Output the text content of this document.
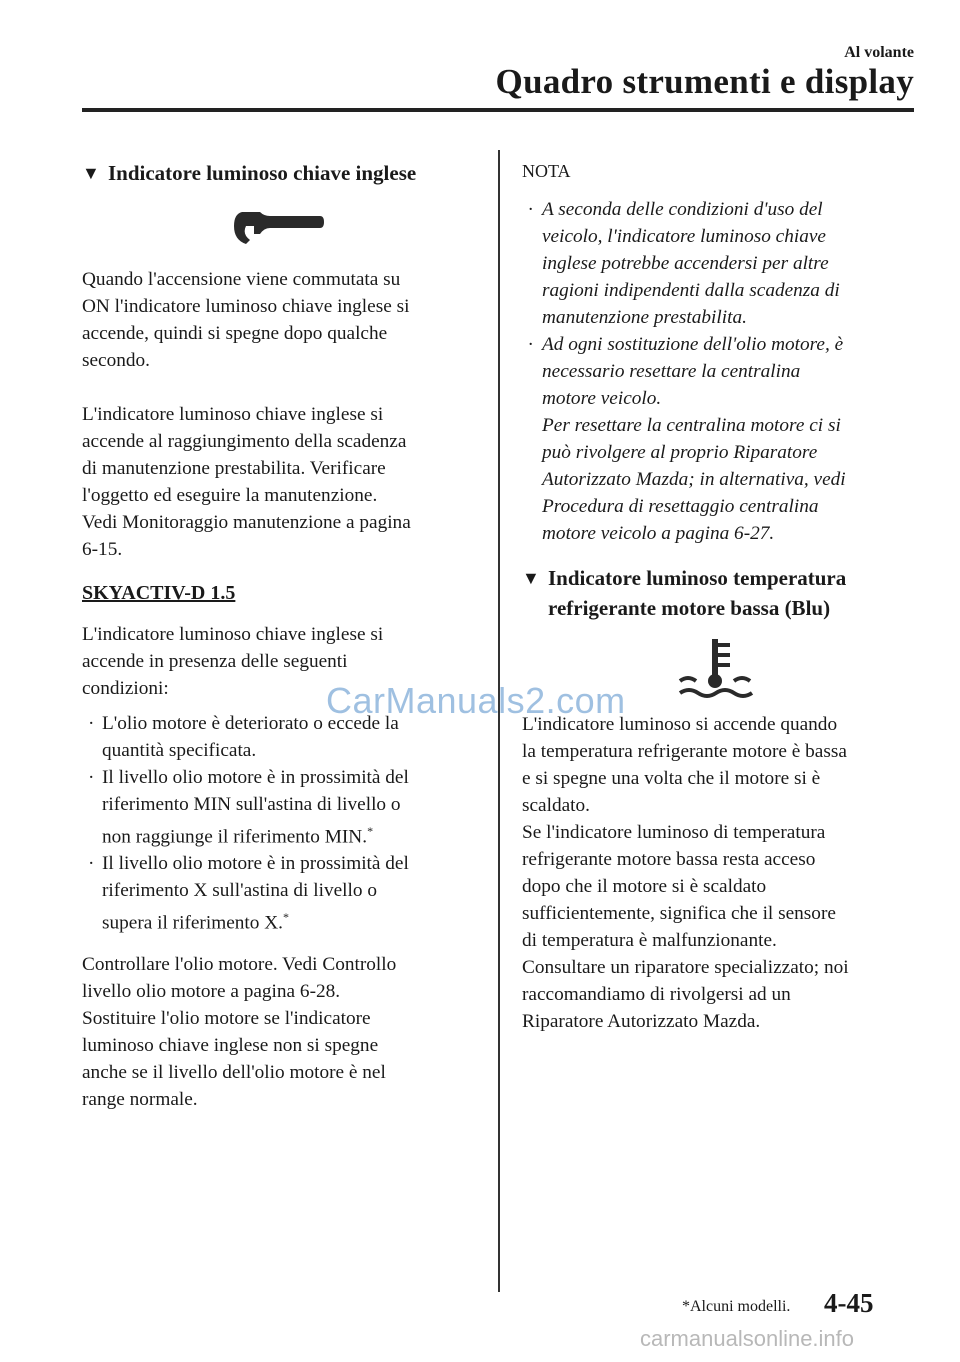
Al volante
Quadro strumenti e display
▼ Indicatore luminoso chiave inglese

Quando l'accensione viene commutata su

ON l'indicatore luminoso chiave inglese si

accende, quindi si spegne dopo qualche

secondo.

L'indicatore luminoso chiave inglese si

accende al raggiungimento della scadenza

di manutenzione prestabilita. Verificare

l'oggetto ed eseguire la manutenzione.

Vedi Monitoraggio manutenzione a pagina

6-15.

SKYACTIV-D 1.5

L'indicatore luminoso chiave inglese si

accende in presenza delle seguenti

condizioni:

· L'olio motore è deteriorato o eccede la

quantità specificata.

· Il livello olio motore è in prossimità del

riferimento MIN sull'astina di livello o

non raggiunge il riferimento MIN.*

· Il livello olio motore è in prossimità del

riferimento X sull'astina di livello o

supera il riferimento X.*

Controllare l'olio motore. Vedi Controllo

livello olio motore a pagina 6-28.

Sostituire l'olio motore se l'indicatore

luminoso chiave inglese non si spegne

anche se il livello dell'olio motore è nel

range normale.

NOTA

· A seconda delle condizioni d'uso del

veicolo, l'indicatore luminoso chiave

inglese potrebbe accendersi per altre

ragioni indipendenti dalla scadenza di

manutenzione prestabilita.

· Ad ogni sostituzione dell'olio motore, è

necessario resettare la centralina

motore veicolo.

Per resettare la centralina motore ci si

può rivolgere al proprio Riparatore

Autorizzato Mazda; in alternativa, vedi

Procedura di resettaggio centralina

motore veicolo a pagina 6-27.

▼ Indicatore luminoso temperatura
refrigerante motore bassa (Blu)

L'indicatore luminoso si accende quando

la temperatura refrigerante motore è bassa

e si spegne una volta che il motore si è

scaldato.

Se l'indicatore luminoso di temperatura

refrigerante motore bassa resta acceso

dopo che il motore si è scaldato

sufficientemente, significa che il sensore

di temperatura è malfunzionante.

Consultare un riparatore specializzato; noi

raccomandiamo di rivolgersi ad un

Riparatore Autorizzato Mazda.

CarManuals2.com
*Alcuni modelli. 4-45
carmanualsonline.info
